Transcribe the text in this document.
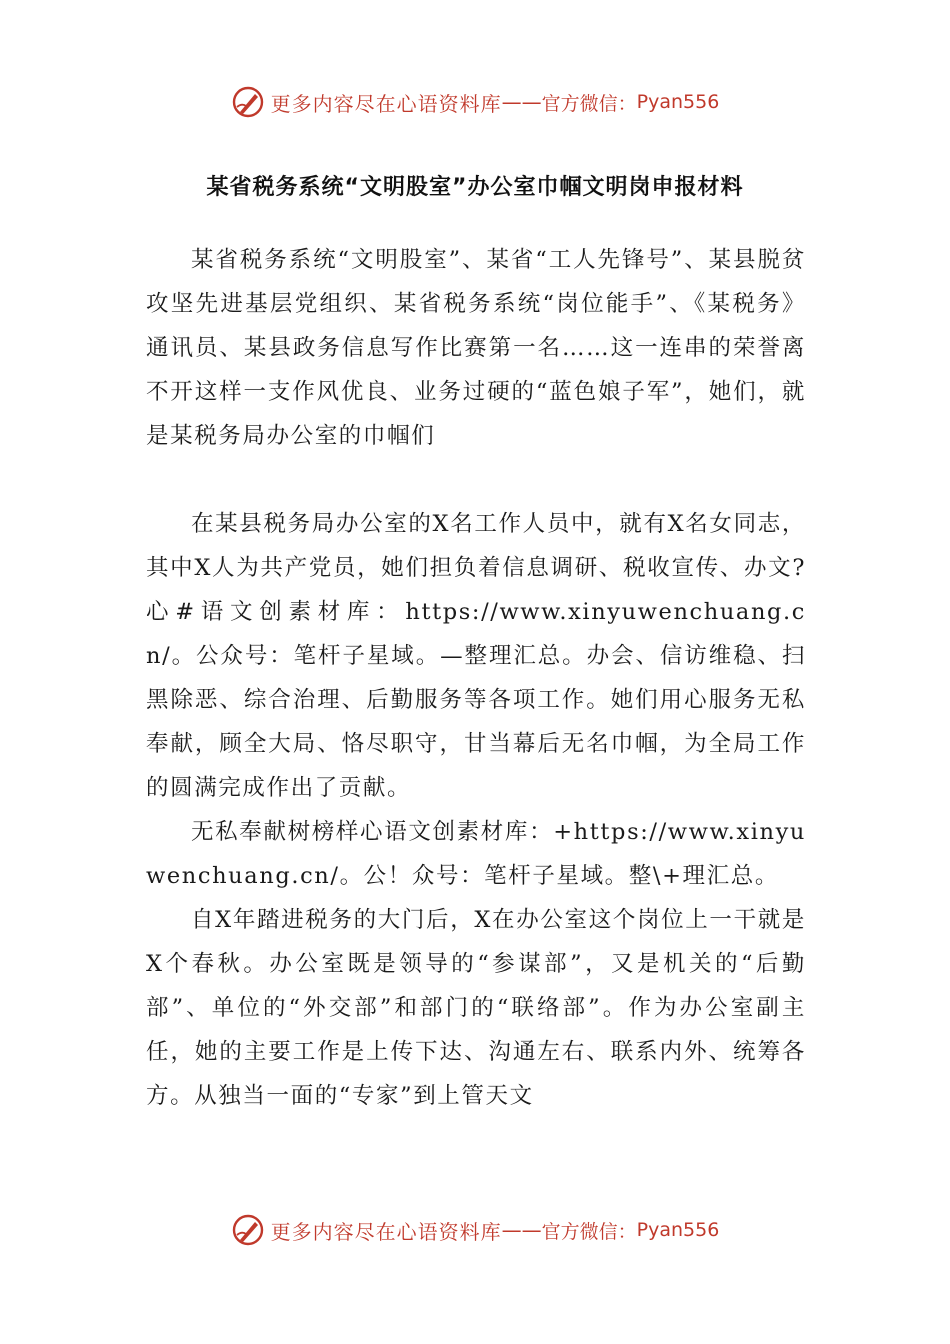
更多内容尽在心语资料库 —— 官方微信： Pyan556
某省税务系统“文明股室”办公室巾帼文明岗申报材料

某省税务系统“文明股室”、某省“工人先锋号”、某县脱贫攻坚先进基层党组织、某省税务系统“岗位能手”、《某税务》通讯员、某县政务信息写作比赛第一名……这一连串的荣誉离不开这样一支作风优良、业务过硬的“蓝色娘子军”，她们，就是某税务局办公室的巾帼们

在某县税务局办公室的X名工作人员中，就有X名女同志，其中X人为共产党员，她们担负着信息调研、税收宣传、办文?心#语文创素材库：https://www.xinyuwenchuang.cn/。公众号：笔杆子星域。—整理汇总。办会、信访维稳、扫黑除恶、综合治理、后勤服务等各项工作。她们用心服务无私奉献，顾全大局、恪尽职守，甘当幕后无名巾帼，为全局工作的圆满完成作出了贡献。

无私奉献树榜样心语文创素材库：+https://www.xinyuwenchuang.cn/。公！众号：笔杆子星域。整\+理汇总。

自X年踏进税务的大门后，X在办公室这个岗位上一干就是X个春秋。办公室既是领导的“参谋部”，又是机关的“后勤部”、单位的“外交部”和部门的“联络部”。作为办公室副主任，她的主要工作是上传下达、沟通左右、联系内外、统筹各方。从独当一面的“专家”到上管天文

更多内容尽在心语资料库 —— 官方微信： Pyan556
